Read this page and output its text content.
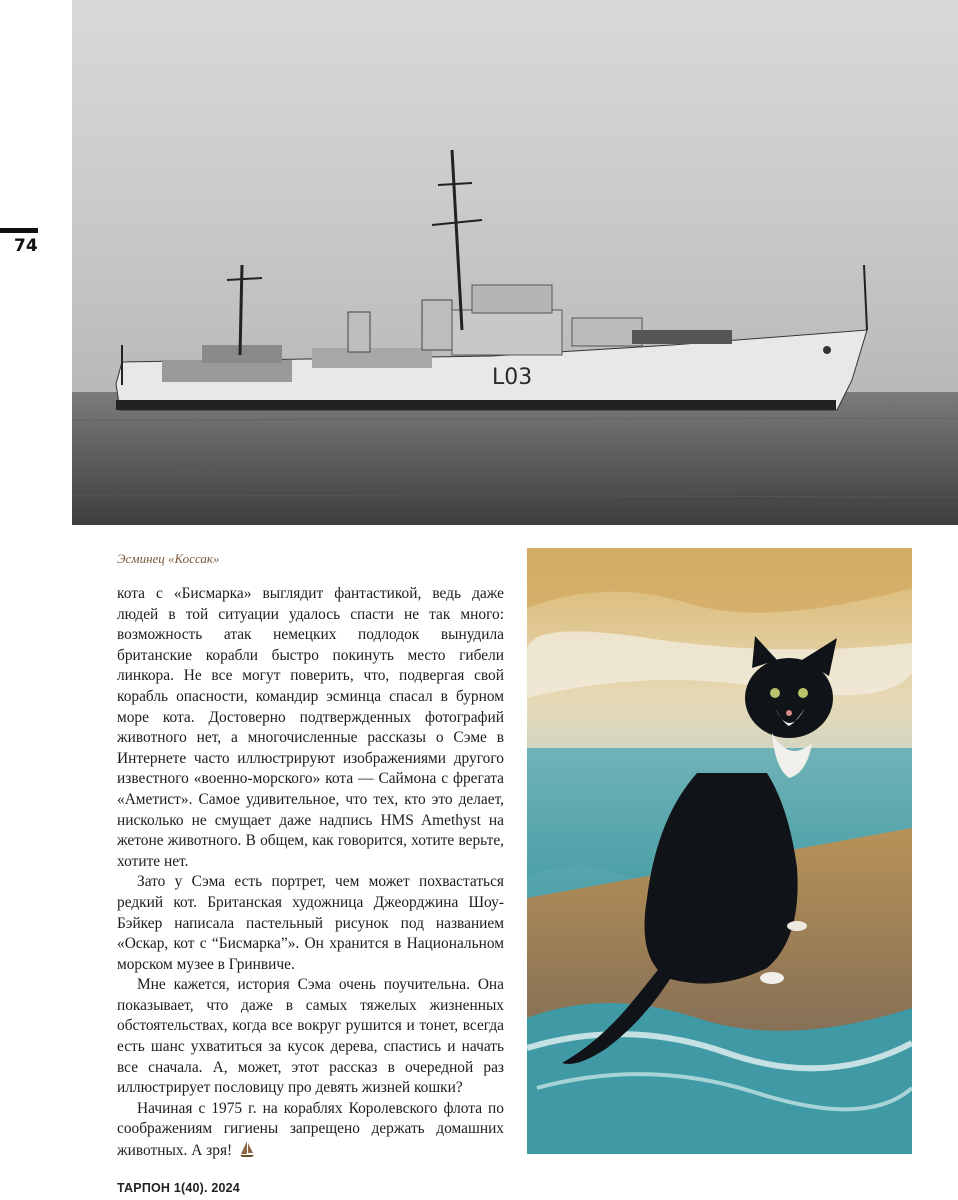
74
L03
Эсминец «Коссак»

кота с «Бисмарка» выглядит фантастикой, ведь даже людей в той ситуации удалось спасти не так много: возможность атак немецких подлодок вынудила британские корабли быстро покинуть место гибели линкора. Не все могут поверить, что, подвергая свой корабль опасности, командир эсминца спасал в бурном море кота. Достоверно подтвержденных фотографий животного нет, а многочисленные рассказы о Сэме в Интернете часто иллюстрируют изображениями другого известного «военно-морского» кота — Саймона с фрегата «Аметист». Самое удивительное, что тех, кто это делает, нисколько не смущает даже надпись HMS Amethyst на жетоне животного. В общем, как говорится, хотите верьте, хотите нет.

Зато у Сэма есть портрет, чем может похвастаться редкий кот. Британская художница Джеорджина Шоу-Бэйкер написала пастельный рисунок под названием «Оскар, кот с “Бисмарка”». Он хранится в Национальном морском музее в Гринвиче.

Мне кажется, история Сэма очень поучительна. Она показывает, что даже в самых тяжелых жизненных обстоятельствах, когда все вокруг рушится и тонет, всегда есть шанс ухватиться за кусок дерева, спастись и начать все сначала. А, может, этот рассказ в очередной раз иллюстрирует пословицу про девять жизней кошки?

Начиная с 1975 г. на кораблях Королевского флота по соображениям гигиены запрещено держать домашних животных. А зря!

ТАРПОН 1(40). 2024
